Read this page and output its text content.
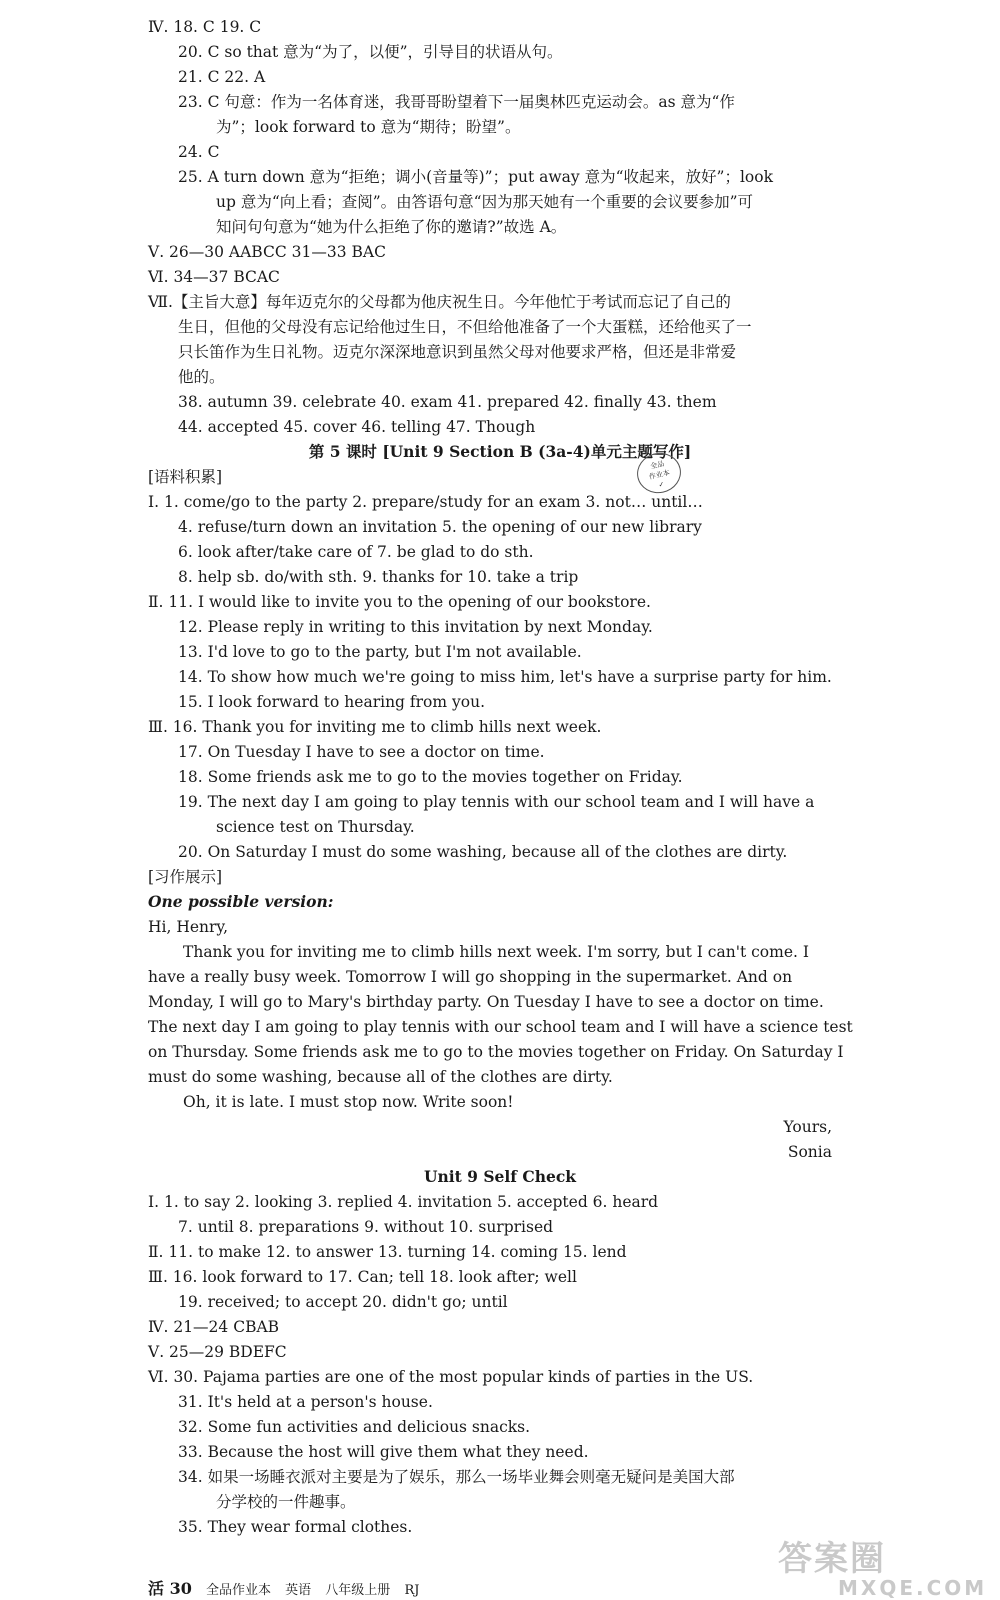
Ⅳ. 18. C 19. C
20. C so that 意为“为了，以便”，引导目的状语从句。
21. C 22. A
23. C 句意：作为一名体育迷，我哥哥盼望着下一届奥林匹克运动会。as 意为“作
为”；look forward to 意为“期待；盼望”。
24. C
25. A turn down 意为“拒绝；调小(音量等)”；put away 意为“收起来，放好”；look
up 意为“向上看；查阅”。由答语句意“因为那天她有一个重要的会议要参加”可
知问句句意为“她为什么拒绝了你的邀请?”故选 A。
Ⅴ. 26—30 AABCC 31—33 BAC
Ⅵ. 34—37 BCAC
Ⅶ.【主旨大意】每年迈克尔的父母都为他庆祝生日。今年他忙于考试而忘记了自己的
生日，但他的父母没有忘记给他过生日，不但给他准备了一个大蛋糕，还给他买了一
只长笛作为生日礼物。迈克尔深深地意识到虽然父母对他要求严格，但还是非常爱
他的。
38. autumn 39. celebrate 40. exam 41. prepared 42. finally 43. them
44. accepted 45. cover 46. telling 47. Though
[语料积累]
Ⅰ. 1. come/go to the party 2. prepare/study for an exam 3. not… until…
4. refuse/turn down an invitation 5. the opening of our new library
6. look after/take care of 7. be glad to do sth.
8. help sb. do/with sth. 9. thanks for 10. take a trip
Ⅱ. 11. I would like to invite you to the opening of our bookstore.
12. Please reply in writing to this invitation by next Monday.
13. I'd love to go to the party, but I'm not available.
14. To show how much we're going to miss him, let's have a surprise party for him.
15. I look forward to hearing from you.
Ⅲ. 16. Thank you for inviting me to climb hills next week.
17. On Tuesday I have to see a doctor on time.
18. Some friends ask me to go to the movies together on Friday.
19. The next day I am going to play tennis with our school team and I will have a
science test on Thursday.
20. On Saturday I must do some washing, because all of the clothes are dirty.
[习作展示]
Hi, Henry,
Thank you for inviting me to climb hills next week. I'm sorry, but I can't come. I
have a really busy week. Tomorrow I will go shopping in the supermarket. And on
Monday, I will go to Mary's birthday party. On Tuesday I have to see a doctor on time.
The next day I am going to play tennis with our school team and I will have a science test
on Thursday. Some friends ask me to go to the movies together on Friday. On Saturday I
must do some washing, because all of the clothes are dirty.
Oh, it is late. I must stop now. Write soon!
Ⅰ. 1. to say 2. looking 3. replied 4. invitation 5. accepted 6. heard
7. until 8. preparations 9. without 10. surprised
Ⅱ. 11. to make 12. to answer 13. turning 14. coming 15. lend
Ⅲ. 16. look forward to 17. Can; tell 18. look after; well
19. received; to accept 20. didn't go; until
Ⅳ. 21—24 CBAB
Ⅴ. 25—29 BDEFC
Ⅵ. 30. Pajama parties are one of the most popular kinds of parties in the US.
31. It's held at a person's house.
32. Some fun activities and delicious snacks.
33. Because the host will give them what they need.
34. 如果一场睡衣派对主要是为了娱乐，那么一场毕业舞会则毫无疑问是美国大部
分学校的一件趣事。
35. They wear formal clothes.
第 5 课时 [Unit 9 Section B (3a-4)单元主题写作]
全品
作业本
✓
One possible version:
Yours,
Sonia
Unit 9 Self Check
活 30 全品作业本 英语 八年级上册 RJ
答案圈
MXQE.COM
